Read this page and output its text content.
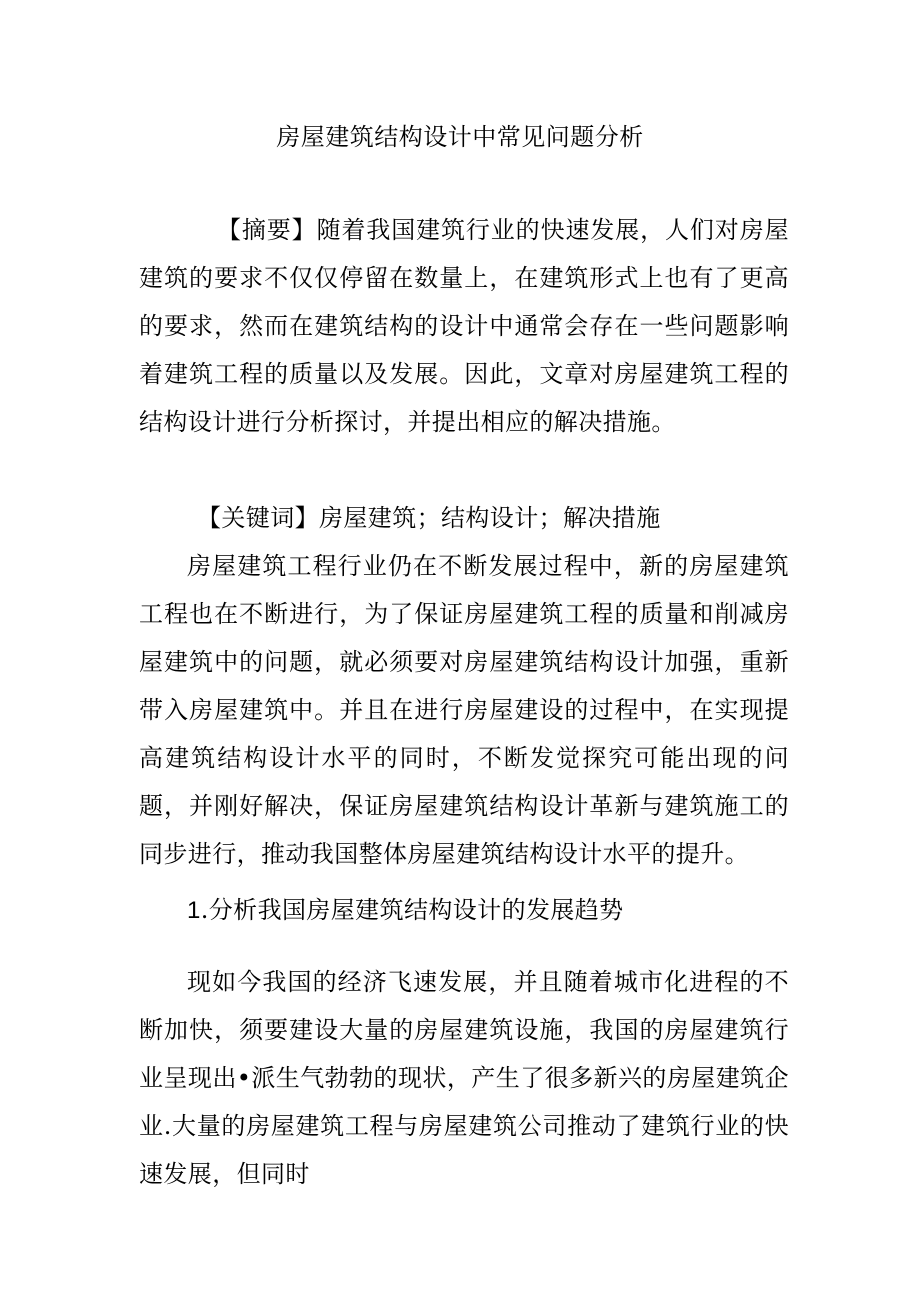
房屋建筑结构设计中常见问题分析

【摘要】随着我国建筑行业的快速发展，人们对房屋建筑的要求不仅仅停留在数量上，在建筑形式上也有了更高的要求，然而在建筑结构的设计中通常会存在一些问题影响着建筑工程的质量以及发展。因此，文章对房屋建筑工程的结构设计进行分析探讨，并提出相应的解决措施。

【关键词】房屋建筑；结构设计；解决措施

房屋建筑工程行业仍在不断发展过程中，新的房屋建筑工程也在不断进行，为了保证房屋建筑工程的质量和削减房屋建筑中的问题，就必须要对房屋建筑结构设计加强，重新带入房屋建筑中。并且在进行房屋建设的过程中，在实现提高建筑结构设计水平的同时，不断发觉探究可能出现的问题，并刚好解决，保证房屋建筑结构设计革新与建筑施工的同步进行，推动我国整体房屋建筑结构设计水平的提升。

1.分析我国房屋建筑结构设计的发展趋势

现如今我国的经济飞速发展，并且随着城市化进程的不断加快，须要建设大量的房屋建筑设施，我国的房屋建筑行业呈现出•派生气勃勃的现状，产生了很多新兴的房屋建筑企业.大量的房屋建筑工程与房屋建筑公司推动了建筑行业的快速发展，但同时
